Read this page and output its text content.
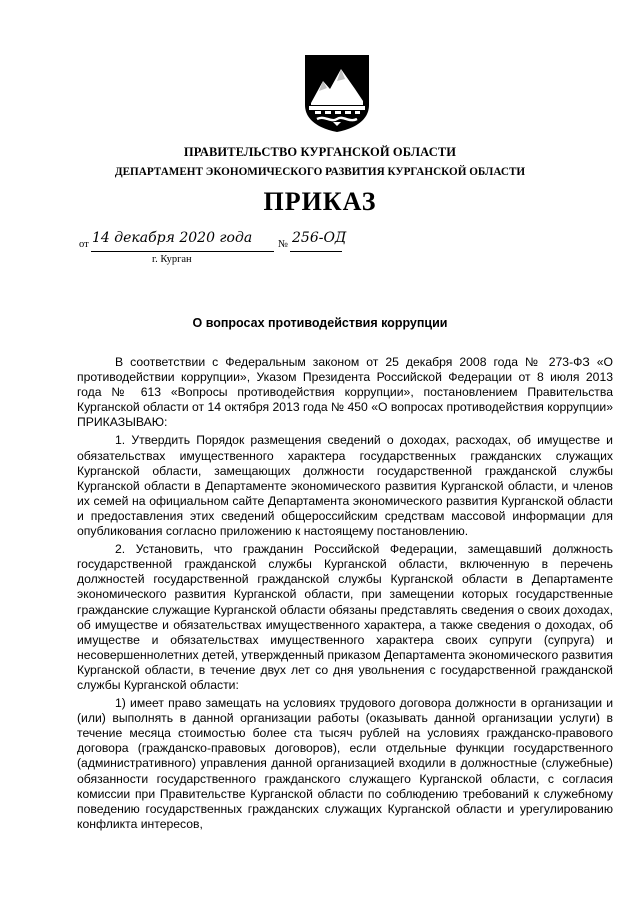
ПРАВИТЕЛЬСТВО КУРГАНСКОЙ ОБЛАСТИ
ДЕПАРТАМЕНТ ЭКОНОМИЧЕСКОГО РАЗВИТИЯ КУРГАНСКОЙ ОБЛАСТИ
ПРИКАЗ
от 14 декабря 2020 года № 256-ОД
г. Курган
О вопросах противодействия коррупции

В соответствии с Федеральным законом от 25 декабря 2008 года № 273-ФЗ «О противодействии коррупции», Указом Президента Российской Федерации от 8 июля 2013 года № 613 «Вопросы противодействия коррупции», постановлением Правительства Курганской области от 14 октября 2013 года № 450 «О вопросах противодействия коррупции» ПРИКАЗЫВАЮ:

1. Утвердить Порядок размещения сведений о доходах, расходах, об имуществе и обязательствах имущественного характера государственных гражданских служащих Курганской области, замещающих должности государственной гражданской службы Курганской области в Департаменте экономического развития Курганской области, и членов их семей на официальном сайте Департамента экономического развития Курганской области и предоставления этих сведений общероссийским средствам массовой информации для опубликования согласно приложению к настоящему постановлению.

2. Установить, что гражданин Российской Федерации, замещавший должность государственной гражданской службы Курганской области, включенную в перечень должностей государственной гражданской службы Курганской области в Департаменте экономического развития Курганской области, при замещении которых государственные гражданские служащие Курганской области обязаны представлять сведения о своих доходах, об имуществе и обязательствах имущественного характера, а также сведения о доходах, об имуществе и обязательствах имущественного характера своих супруги (супруга) и несовершеннолетних детей, утвержденный приказом Департамента экономического развития Курганской области, в течение двух лет со дня увольнения с государственной гражданской службы Курганской области:

1) имеет право замещать на условиях трудового договора должности в организации и (или) выполнять в данной организации работы (оказывать данной организации услуги) в течение месяца стоимостью более ста тысяч рублей на условиях гражданско-правового договора (гражданско-правовых договоров), если отдельные функции государственного (административного) управления данной организацией входили в должностные (служебные) обязанности государственного гражданского служащего Курганской области, с согласия комиссии при Правительстве Курганской области по соблюдению требований к служебному поведению государственных гражданских служащих Курганской области и урегулированию конфликта интересов,
